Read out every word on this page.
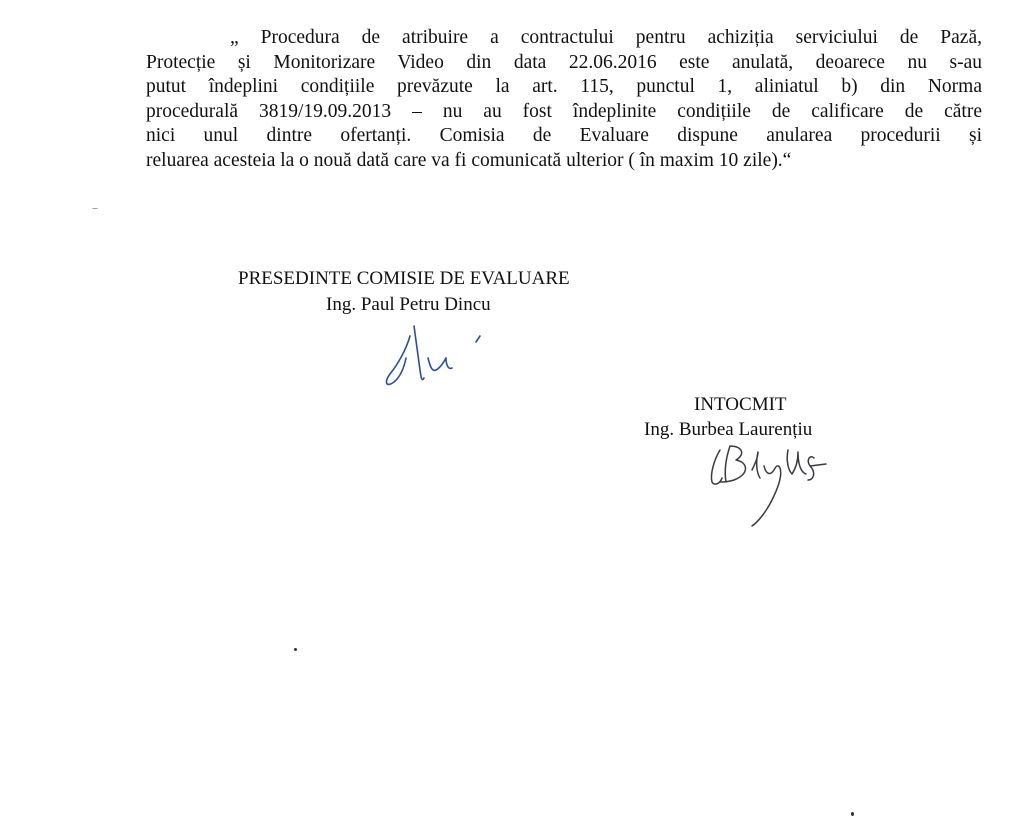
„ Procedura de atribuire a contractului pentru achiziția serviciului de Pază,
Protecție și Monitorizare Video din data 22.06.2016 este anulată, deoarece nu s-au
putut îndeplini condițiile prevăzute la art. 115, punctul 1, aliniatul b) din Norma
procedurală 3819/19.09.2013 – nu au fost îndeplinite condițiile de calificare de către
nici unul dintre ofertanți. Comisia de Evaluare dispune anularea procedurii și
reluarea acesteia la o nouă dată care va fi comunicată ulterior ( în maxim 10 zile).“
PRESEDINTE COMISIE DE EVALUARE
Ing. Paul Petru Dincu
INTOCMIT
Ing. Burbea Laurențiu
